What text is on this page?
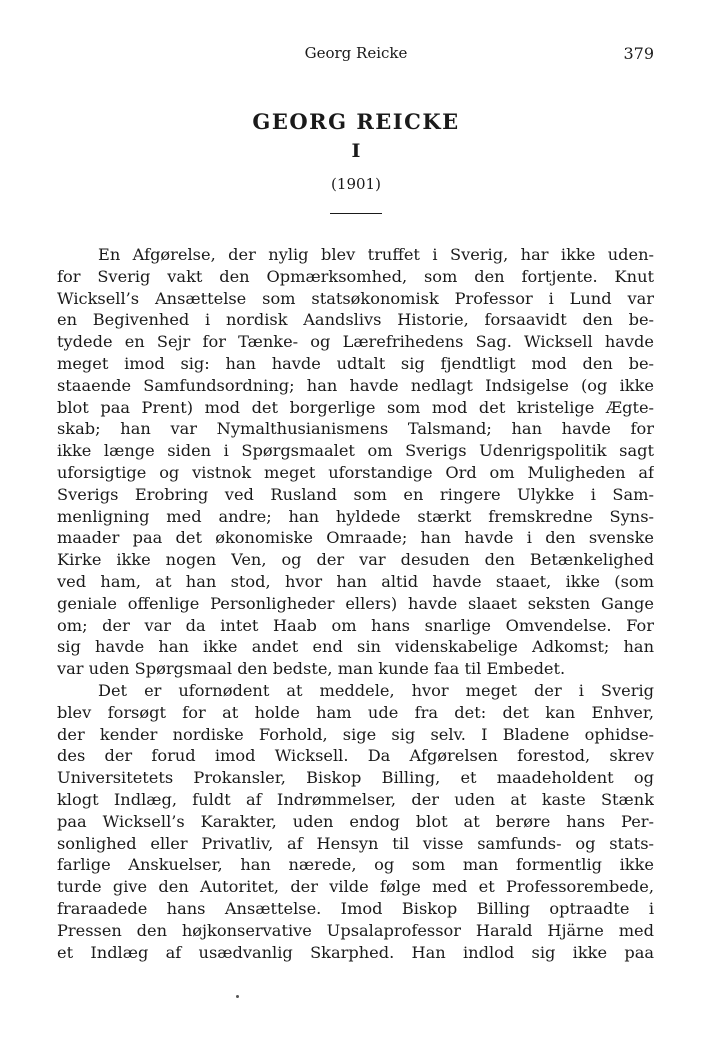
Georg Reicke	379
GEORG REICKE
I
(1901)
En Afgørelse, der nylig blev truffet i Sverig, har ikke uden-
for Sverig vakt den Opmærksomhed, som den fortjente. Knut
Wicksell’s Ansættelse som statsøkonomisk Professor i Lund var
en Begivenhed i nordisk Aandslivs Historie, forsaavidt den be-
tydede en Sejr for Tænke- og Lærefrihedens Sag. Wicksell havde
meget imod sig: han havde udtalt sig fjendtligt mod den be-
staaende Samfundsordning; han havde nedlagt Indsigelse (og ikke
blot paa Prent) mod det borgerlige som mod det kristelige Ægte-
skab; han var Nymalthusianismens Talsmand; han havde for
ikke længe siden i Spørgsmaalet om Sverigs Udenrigspolitik sagt
uforsigtige og vistnok meget uforstandige Ord om Muligheden af
Sverigs Erobring ved Rusland som en ringere Ulykke i Sam-
menligning med andre; han hyldede stærkt fremskredne Syns-
maader paa det økonomiske Omraade; han havde i den svenske
Kirke ikke nogen Ven, og der var desuden den Betænkelighed
ved ham, at han stod, hvor han altid havde staaet, ikke (som
geniale offenlige Personligheder ellers) havde slaaet seksten Gange
om; der var da intet Haab om hans snarlige Omvendelse. For
sig havde han ikke andet end sin videnskabelige Adkomst; han
var uden Spørgsmaal den bedste, man kunde faa til Embedet.
Det er ufornødent at meddele, hvor meget der i Sverig
blev forsøgt for at holde ham ude fra det: det kan Enhver,
der kender nordiske Forhold, sige sig selv. I Bladene ophidse-
des der forud imod Wicksell. Da Afgørelsen forestod, skrev
Universitetets Prokansler, Biskop Billing, et maadeholdent og
klogt Indlæg, fuldt af Indrømmelser, der uden at kaste Stænk
paa Wicksell’s Karakter, uden endog blot at berøre hans Per-
sonlighed eller Privatliv, af Hensyn til visse samfunds- og stats-
farlige Anskuelser, han nærede, og som man formentlig ikke
turde give den Autoritet, der vilde følge med et Professorembede,
fraraadede hans Ansættelse. Imod Biskop Billing optraadte i
Pressen den højkonservative Upsalaprofessor Harald Hjärne med
et Indlæg af usædvanlig Skarphed. Han indlod sig ikke paa
